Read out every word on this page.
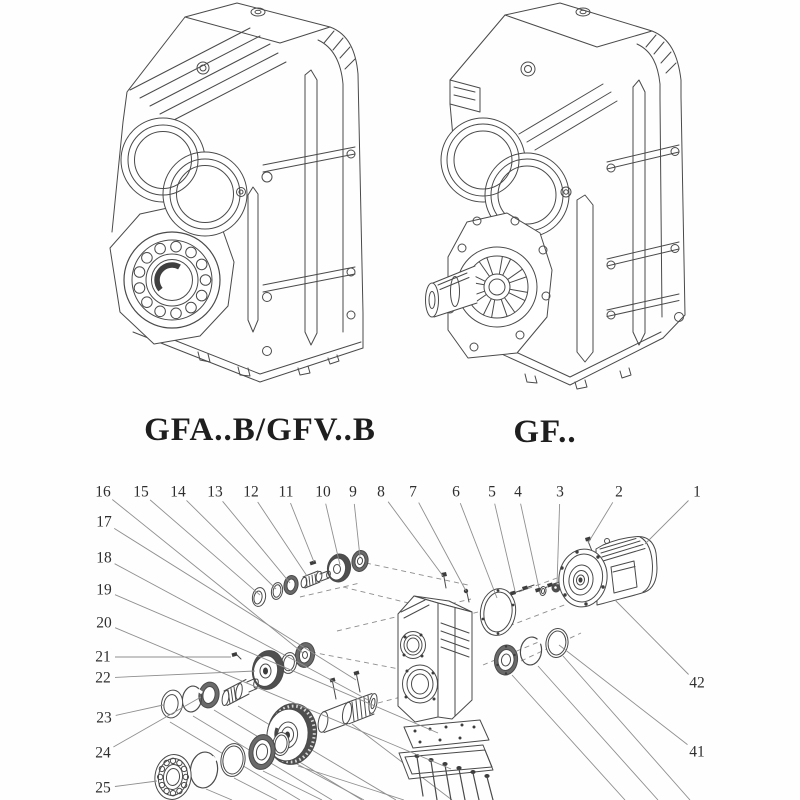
GFA..B/GFV..B	GF..
1
2
3
4
5
6
7
8
9
10
11
12
13
14
15
16
17
18
19
20
21
22
23
24
25
41
42
